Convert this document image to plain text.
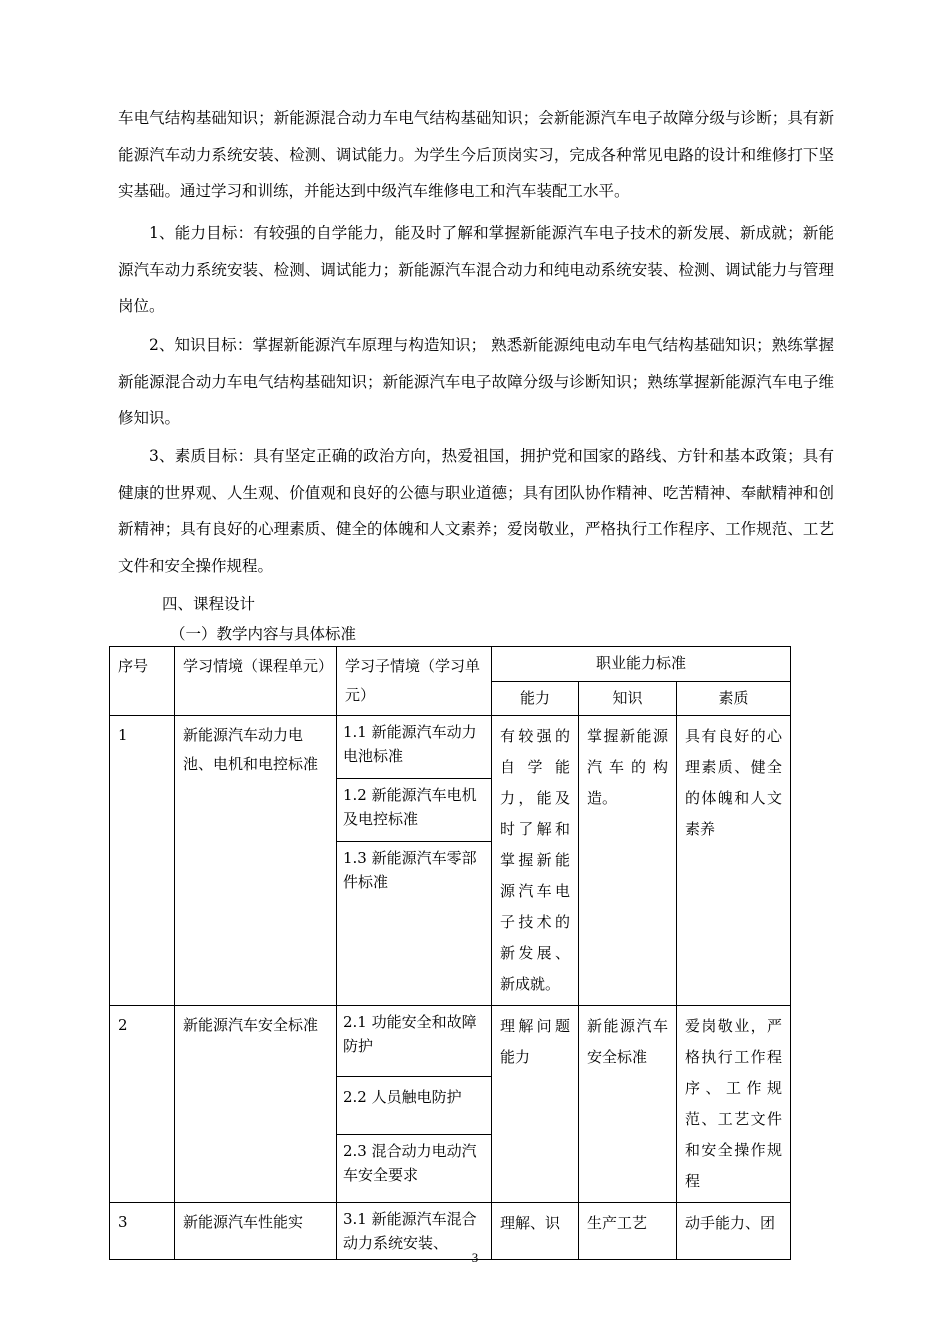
车电气结构基础知识；新能源混合动力车电气结构基础知识；会新能源汽车电子故障分级与诊断；具有新能源汽车动力系统安装、检测、调试能力。为学生今后顶岗实习，完成各种常见电路的设计和维修打下坚实基础。通过学习和训练，并能达到中级汽车维修电工和汽车装配工水平。

1、能力目标：有较强的自学能力，能及时了解和掌握新能源汽车电子技术的新发展、新成就；新能源汽车动力系统安装、检测、调试能力；新能源汽车混合动力和纯电动系统安装、检测、调试能力与管理岗位。

2、知识目标：掌握新能源汽车原理与构造知识； 熟悉新能源纯电动车电气结构基础知识；熟练掌握新能源混合动力车电气结构基础知识；新能源汽车电子故障分级与诊断知识；熟练掌握新能源汽车电子维修知识。

3、素质目标：具有坚定正确的政治方向，热爱祖国，拥护党和国家的路线、方针和基本政策；具有健康的世界观、人生观、价值观和良好的公德与职业道德；具有团队协作精神、吃苦精神、奉献精神和创新精神；具有良好的心理素质、健全的体魄和人文素养；爱岗敬业，严格执行工作程序、工作规范、工艺文件和安全操作规程。

四、课程设计

（一）教学内容与具体标准

序号	学习情境（课程单元）	学习子情境（学习单元）	职业能力标准		
			能力	知识	素质
1	新能源汽车动力电池、电机和电控标准	1.1 新能源汽车动力电池标准	有较强的自学能力，能及时了解和掌握新能源汽车电子技术的新发展、新成就。	掌握新能源汽车的构造。	具有良好的心理素质、健全的体魄和人文素养
		1.2 新能源汽车电机及电控标准			
		1.3 新能源汽车零部件标准			
2	新能源汽车安全标准	2.1 功能安全和故障防护	理解问题能力	新能源汽车安全标准	爱岗敬业，严格执行工作程序、工作规范、工艺文件和安全操作规程
		2.2 人员触电防护			
		2.3 混合动力电动汽车安全要求			
3	新能源汽车性能实	3.1 新能源汽车混合动力系统安装、	理解、识	生产工艺	动手能力、团
3
